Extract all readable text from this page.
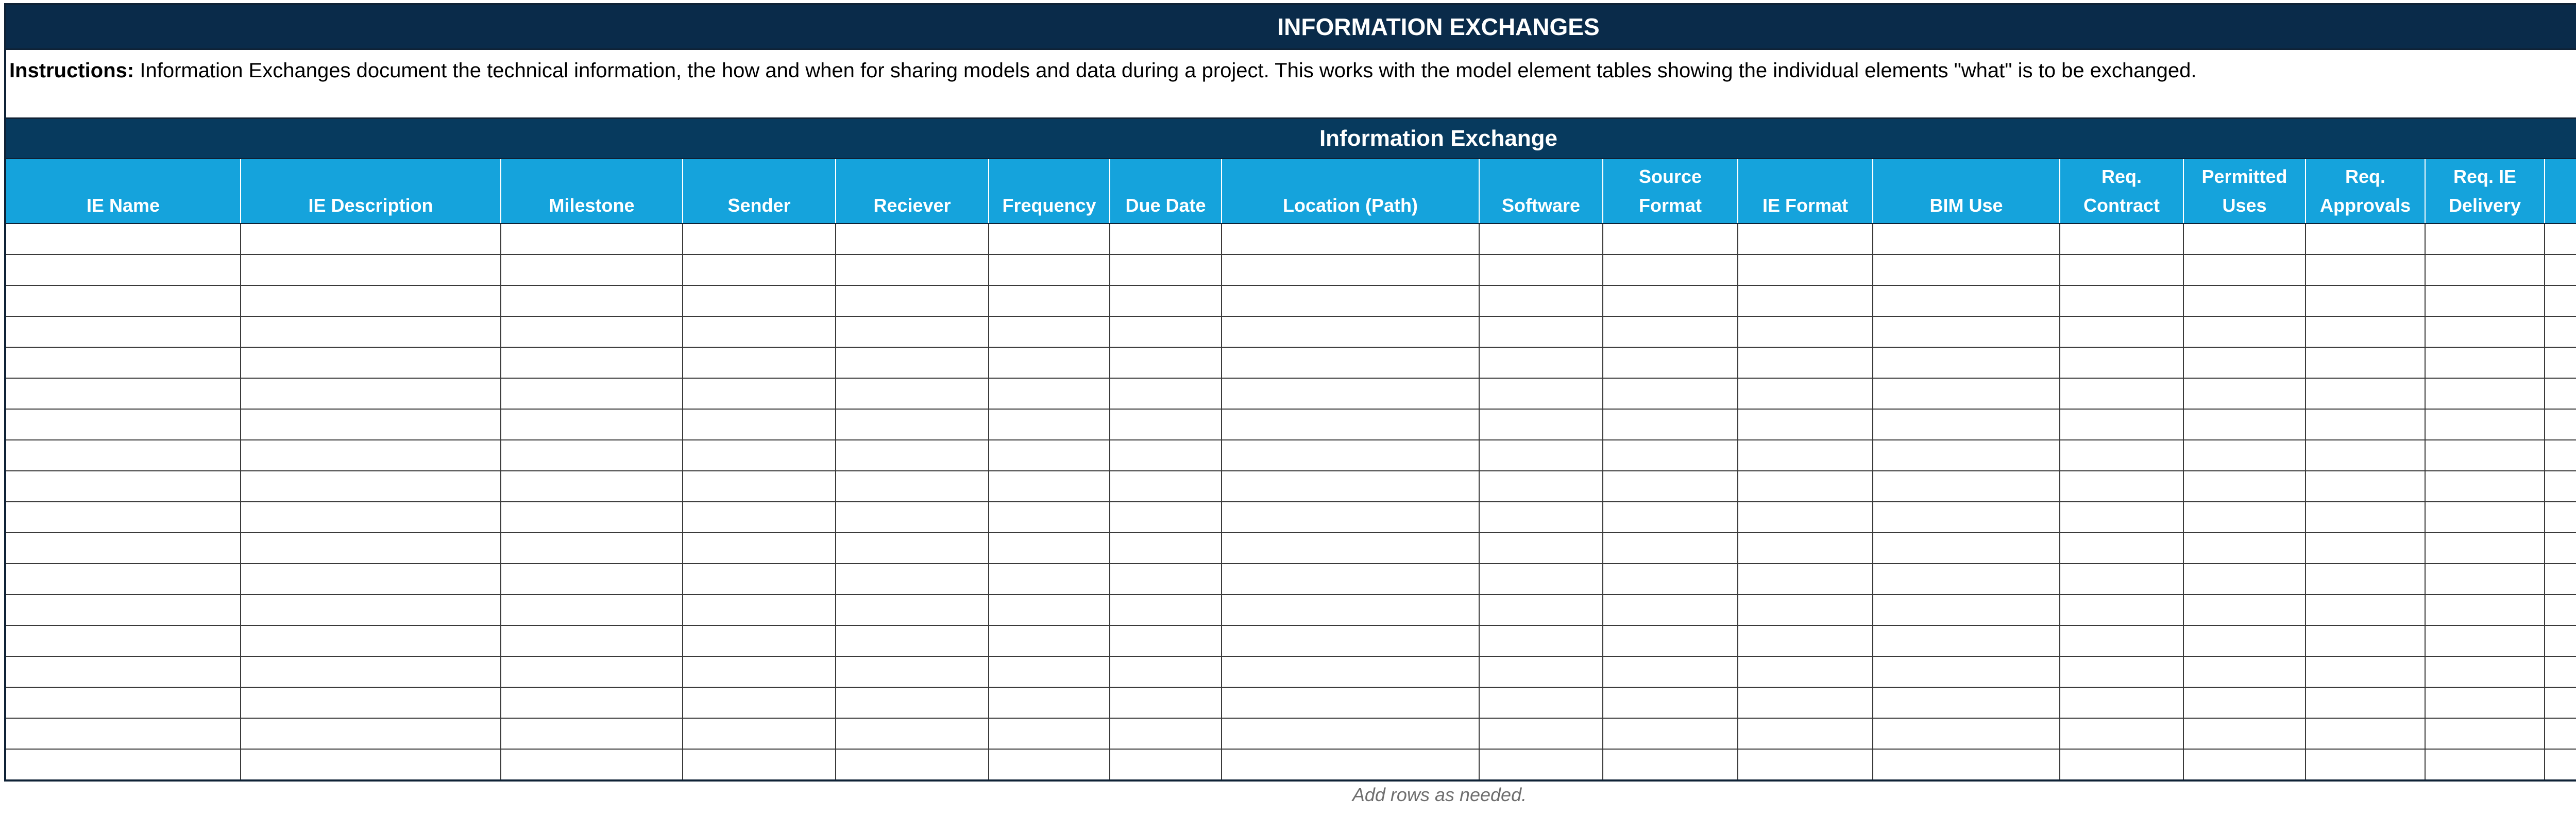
INFORMATION EXCHANGES
Instructions: Information Exchanges document the technical information, the how and when for sharing models and data during a project. This works with the model element tables showing the individual elements "what" is to be exchanged.
Information Exchange
IE Name	IE Description	Milestone	Sender	Reciever	Frequency	Due Date	Location (Path)	Software	Source Format	IE Format	BIM Use	Req. Contract	Permitted Uses	Req. Approvals	Req. IE Delivery	

Add rows as needed.
